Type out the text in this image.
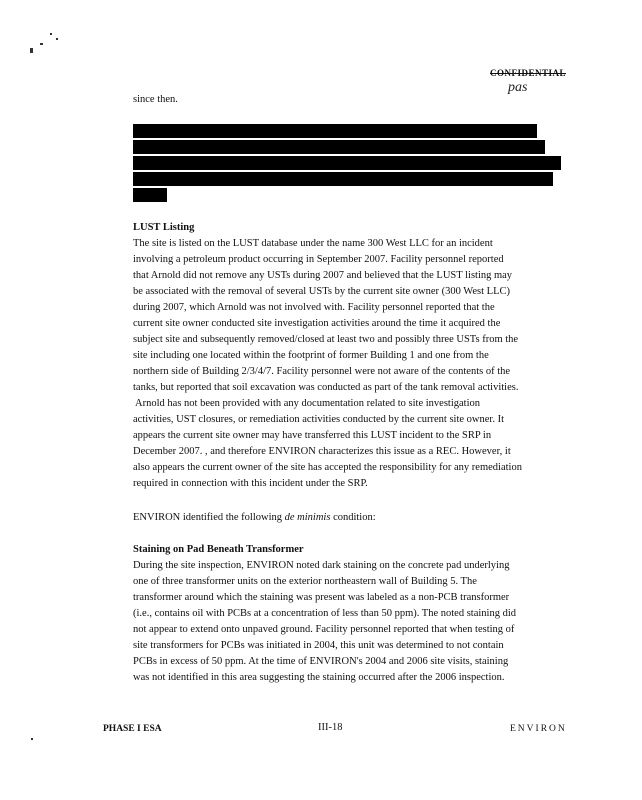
CONFIDENTIAL
pas
since then.
LUST Listing
The site is listed on the LUST database under the name 300 West LLC for an incident
involving a petroleum product occurring in September 2007. Facility personnel reported
that Arnold did not remove any USTs during 2007 and believed that the LUST listing may
be associated with the removal of several USTs by the current site owner (300 West LLC)
during 2007, which Arnold was not involved with. Facility personnel reported that the
current site owner conducted site investigation activities around the time it acquired the
subject site and subsequently removed/closed at least two and possibly three USTs from the
site including one located within the footprint of former Building 1 and one from the
northern side of Building 2/3/4/7. Facility personnel were not aware of the contents of the
tanks, but reported that soil excavation was conducted as part of the tank removal activities.
Arnold has not been provided with any documentation related to site investigation
activities, UST closures, or remediation activities conducted by the current site owner. It
appears the current site owner may have transferred this LUST incident to the SRP in
December 2007. , and therefore ENVIRON characterizes this issue as a REC. However, it
also appears the current owner of the site has accepted the responsibility for any remediation
required in connection with this incident under the SRP.
ENVIRON identified the following de minimis condition:
Staining on Pad Beneath Transformer
During the site inspection, ENVIRON noted dark staining on the concrete pad underlying
one of three transformer units on the exterior northeastern wall of Building 5. The
transformer around which the staining was present was labeled as a non-PCB transformer
(i.e., contains oil with PCBs at a concentration of less than 50 ppm). The noted staining did
not appear to extend onto unpaved ground. Facility personnel reported that when testing of
site transformers for PCBs was initiated in 2004, this unit was determined to not contain
PCBs in excess of 50 ppm. At the time of ENVIRON's 2004 and 2006 site visits, staining
was not identified in this area suggesting the staining occurred after the 2006 inspection.
PHASE I ESA	III-18	ENVIRON
